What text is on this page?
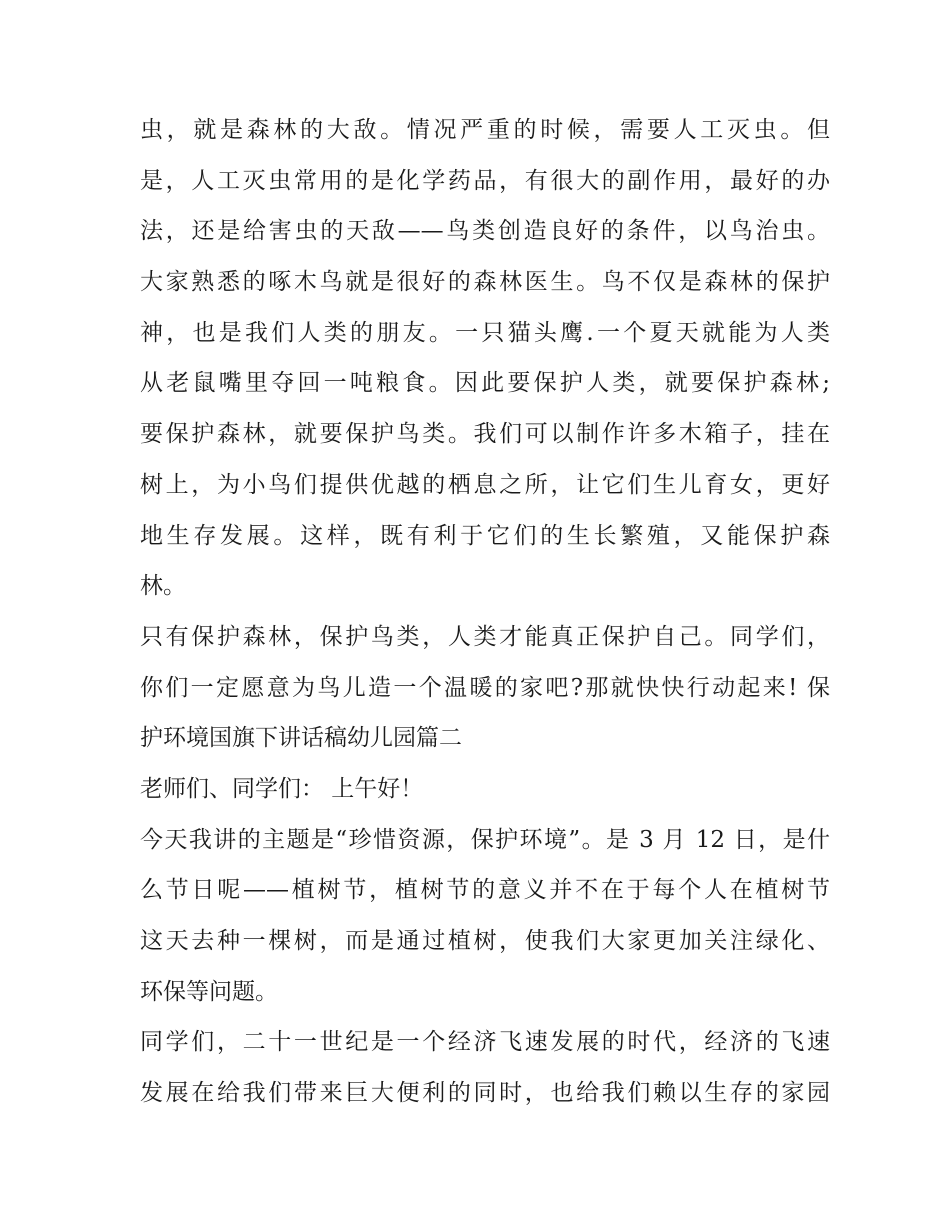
虫，就是森林的大敌。情况严重的时候，需要人工灭虫。但
是，人工灭虫常用的是化学药品，有很大的副作用，最好的办
法，还是给害虫的天敌——鸟类创造良好的条件，以鸟治虫。
大家熟悉的啄木鸟就是很好的森林医生。鸟不仅是森林的保护
神，也是我们人类的朋友。一只猫头鹰.一个夏天就能为人类
从老鼠嘴里夺回一吨粮食。因此要保护人类，就要保护森林;
要保护森林，就要保护鸟类。我们可以制作许多木箱子，挂在
树上，为小鸟们提供优越的栖息之所，让它们生儿育女，更好
地生存发展。这样，既有利于它们的生长繁殖，又能保护森
林。
只有保护森林，保护鸟类，人类才能真正保护自己。同学们，
你们一定愿意为鸟儿造一个温暖的家吧?那就快快行动起来! 保
护环境国旗下讲话稿幼儿园篇二
老师们、同学们： 上午好！
今天我讲的主题是“珍惜资源，保护环境”。是 3 月 12 日，是什
么节日呢——植树节，植树节的意义并不在于每个人在植树节
这天去种一棵树，而是通过植树，使我们大家更加关注绿化、
环保等问题。
同学们，二十一世纪是一个经济飞速发展的时代，经济的飞速
发展在给我们带来巨大便利的同时，也给我们赖以生存的家园
